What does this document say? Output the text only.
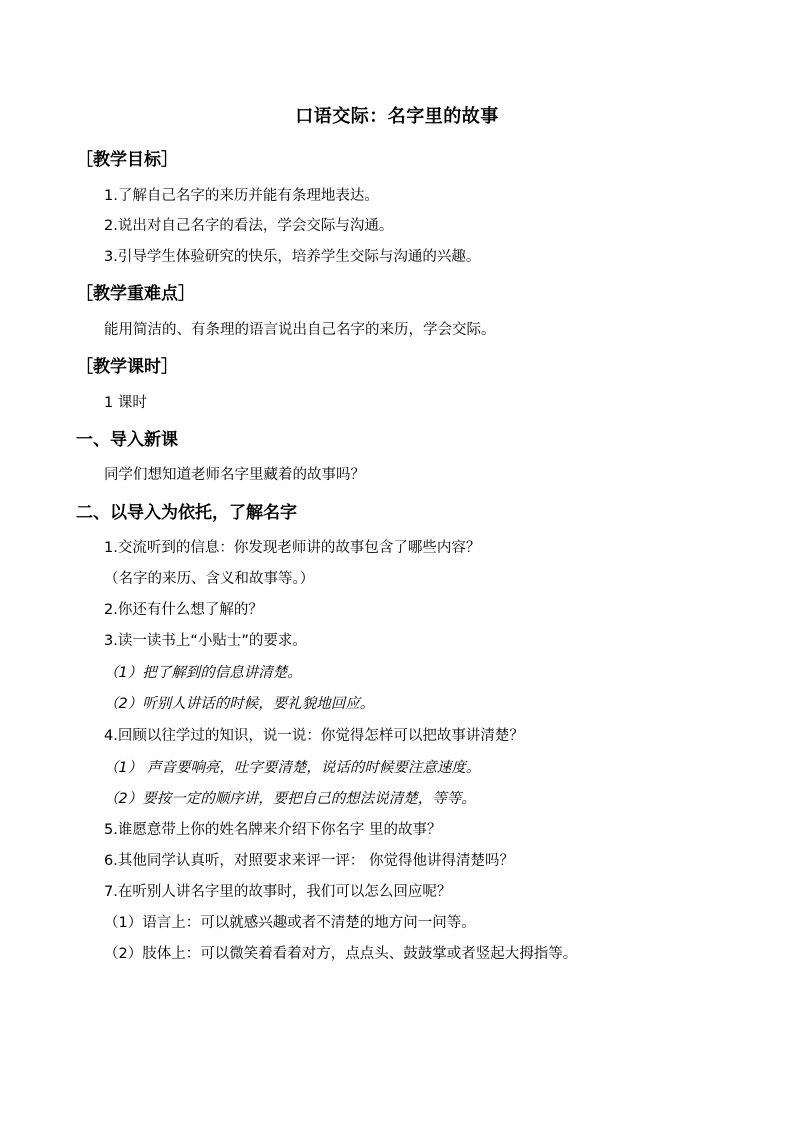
口语交际：名字里的故事
［教学目标］
1.了解自己名字的来历并能有条理地表达。
2.说出对自己名字的看法，学会交际与沟通。
3.引导学生体验研究的快乐，培养学生交际与沟通的兴趣。
［教学重难点］
能用简洁的、有条理的语言说出自己名字的来历，学会交际。
［教学课时］
1 课时
一、导入新课
同学们想知道老师名字里藏着的故事吗？
二、以导入为依托，了解名字
1.交流听到的信息：你发现老师讲的故事包含了哪些内容？
（名字的来历、含义和故事等。）
2.你还有什么想了解的？
3.读一读书上“小贴士”的要求。
（1）把了解到的信息讲清楚。
（2）听别人讲话的时候，要礼貌地回应。
4.回顾以往学过的知识，说一说：你觉得怎样可以把故事讲清楚？
（1） 声音要响亮，吐字要清楚，说话的时候要注意速度。
（2）要按一定的顺序讲，要把自己的想法说清楚，等等。
5.谁愿意带上你的姓名牌来介绍下你名字 里的故事？
6.其他同学认真听，对照要求来评一评： 你觉得他讲得清楚吗？
7.在听别人讲名字里的故事时，我们可以怎么回应呢？
（1）语言上：可以就感兴趣或者不清楚的地方问一问等。
（2）肢体上：可以微笑着看着对方，点点头、鼓鼓掌或者竖起大拇指等。
